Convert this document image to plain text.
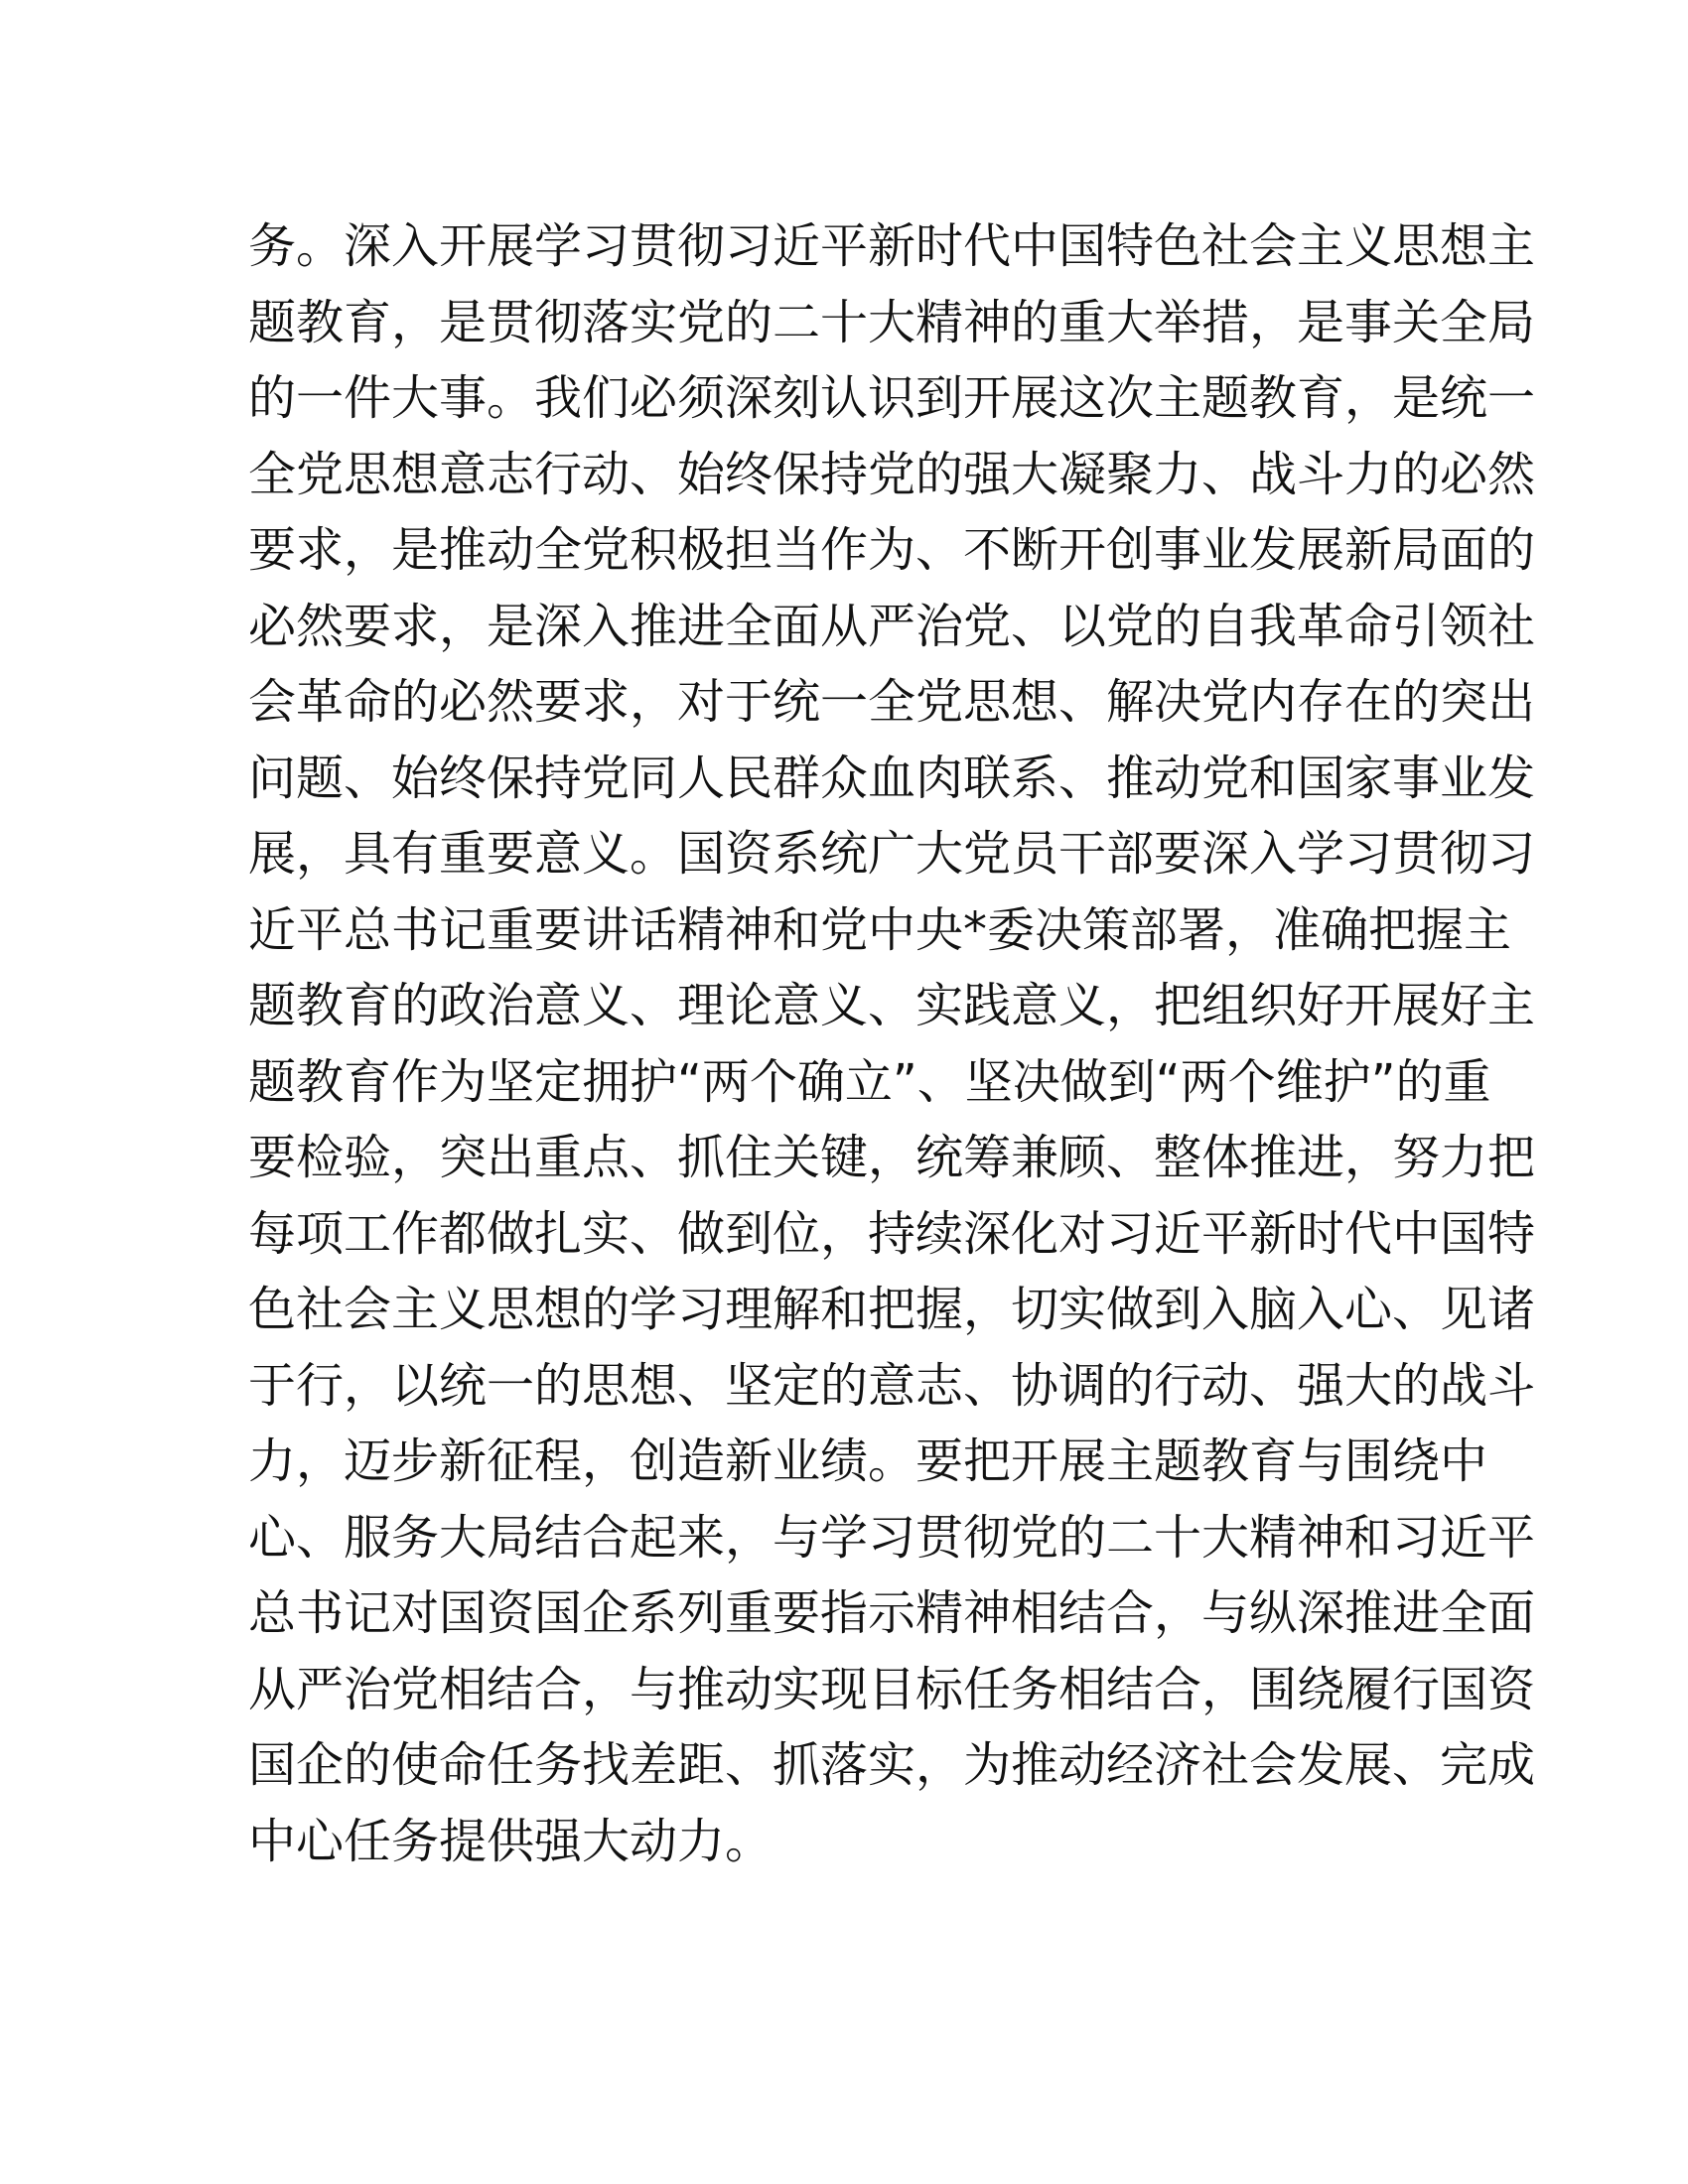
务。深入开展学习贯彻习近平新时代中国特色社会主义思想主
题教育，是贯彻落实党的二十大精神的重大举措，是事关全局
的一件大事。我们必须深刻认识到开展这次主题教育，是统一
全党思想意志行动、始终保持党的强大凝聚力、战斗力的必然
要求，是推动全党积极担当作为、不断开创事业发展新局面的
必然要求，是深入推进全面从严治党、以党的自我革命引领社
会革命的必然要求，对于统一全党思想、解决党内存在的突出
问题、始终保持党同人民群众血肉联系、推动党和国家事业发
展，具有重要意义。国资系统广大党员干部要深入学习贯彻习
近平总书记重要讲话精神和党中央*委决策部署，准确把握主
题教育的政治意义、理论意义、实践意义，把组织好开展好主
题教育作为坚定拥护“两个确立”、坚决做到“两个维护”的重
要检验，突出重点、抓住关键，统筹兼顾、整体推进，努力把
每项工作都做扎实、做到位，持续深化对习近平新时代中国特
色社会主义思想的学习理解和把握，切实做到入脑入心、见诸
于行，以统一的思想、坚定的意志、协调的行动、强大的战斗
力，迈步新征程，创造新业绩。要把开展主题教育与围绕中
心、服务大局结合起来，与学习贯彻党的二十大精神和习近平
总书记对国资国企系列重要指示精神相结合，与纵深推进全面
从严治党相结合，与推动实现目标任务相结合，围绕履行国资
国企的使命任务找差距、抓落实，为推动经济社会发展、完成
中心任务提供强大动力。
